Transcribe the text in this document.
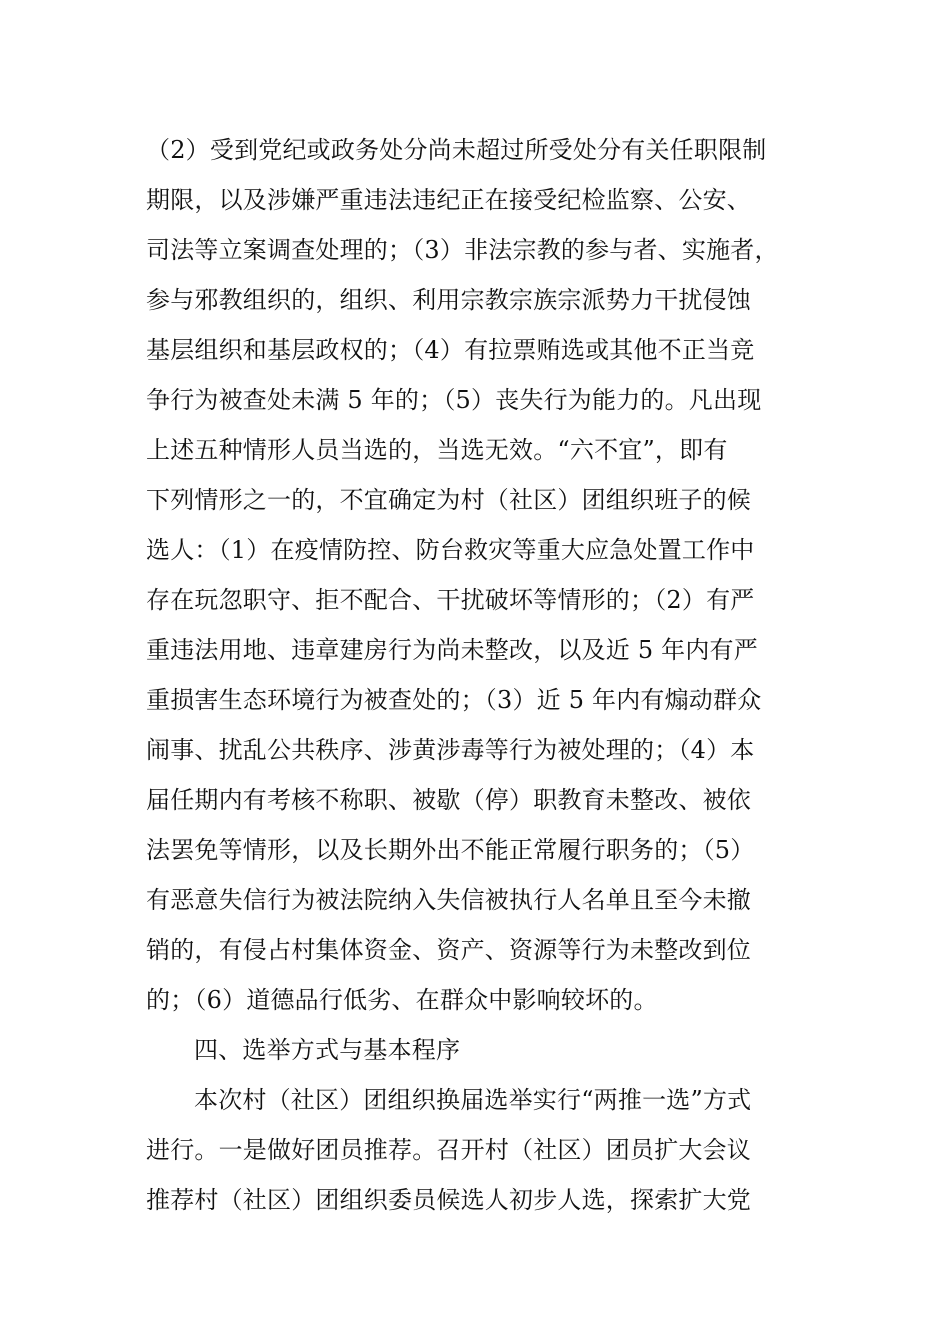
（2）受到党纪或政务处分尚未超过所受处分有关任职限制
期限，以及涉嫌严重违法违纪正在接受纪检监察、公安、
司法等立案调查处理的；（3）非法宗教的参与者、实施者，
参与邪教组织的，组织、利用宗教宗族宗派势力干扰侵蚀
基层组织和基层政权的；（4）有拉票贿选或其他不正当竞
争行为被查处未满 5 年的；（5）丧失行为能力的。凡出现
上述五种情形人员当选的，当选无效。“六不宜”，即有
下列情形之一的，不宜确定为村（社区）团组织班子的候
选人：（1）在疫情防控、防台救灾等重大应急处置工作中
存在玩忽职守、拒不配合、干扰破坏等情形的；（2）有严
重违法用地、违章建房行为尚未整改，以及近 5 年内有严
重损害生态环境行为被查处的；（3）近 5 年内有煽动群众
闹事、扰乱公共秩序、涉黄涉毒等行为被处理的；（4）本
届任期内有考核不称职、被歇（停）职教育未整改、被依
法罢免等情形，以及长期外出不能正常履行职务的；（5）
有恶意失信行为被法院纳入失信被执行人名单且至今未撤
销的，有侵占村集体资金、资产、资源等行为未整改到位
的；（6）道德品行低劣、在群众中影响较坏的。
四、选举方式与基本程序
本次村（社区）团组织换届选举实行“两推一选”方式
进行。一是做好团员推荐。召开村（社区）团员扩大会议
推荐村（社区）团组织委员候选人初步人选，探索扩大党
